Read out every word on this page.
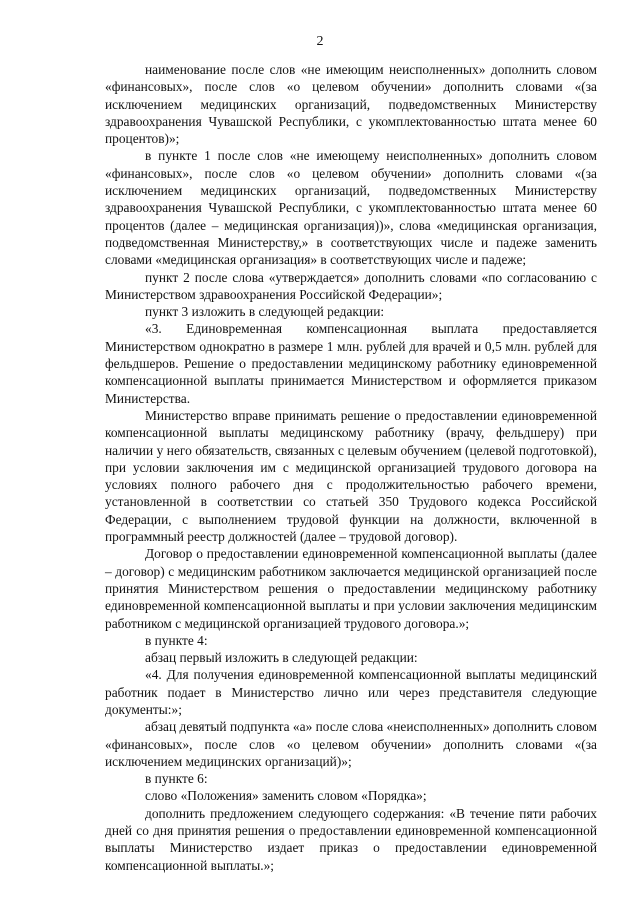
2

наименование после слов «не имеющим неисполненных» дополнить словом «финансовых», после слов «о целевом обучении» дополнить словами «(за исключением медицинских организаций, подведомственных Министерству здравоохранения Чувашской Республики, с укомплектованностью штата менее 60 процентов)»;

в пункте 1 после слов «не имеющему неисполненных» дополнить словом «финансовых», после слов «о целевом обучении» дополнить словами «(за исключением медицинских организаций, подведомственных Министерству здравоохранения Чувашской Республики, с укомплектованностью штата менее 60 процентов (далее – медицинская организация))», слова «медицинская организация, подведомственная Министерству,» в соответствующих числе и падеже заменить словами «медицинская организация» в соответствующих числе и падеже;

пункт 2 после слова «утверждается» дополнить словами «по согласованию с Министерством здравоохранения Российской Федерации»;

пункт 3 изложить в следующей редакции:

«3. Единовременная компенсационная выплата предоставляется Министерством однократно в размере 1 млн. рублей для врачей и 0,5 млн. рублей для фельдшеров. Решение о предоставлении медицинскому работнику единовременной компенсационной выплаты принимается Министерством и оформляется приказом Министерства.

Министерство вправе принимать решение о предоставлении единовременной компенсационной выплаты медицинскому работнику (врачу, фельдшеру) при наличии у него обязательств, связанных с целевым обучением (целевой подготовкой), при условии заключения им с медицинской организацией трудового договора на условиях полного рабочего дня с продолжительностью рабочего времени, установленной в соответствии со статьей 350 Трудового кодекса Российской Федерации, с выполнением трудовой функции на должности, включенной в программный реестр должностей (далее – трудовой договор).

Договор о предоставлении единовременной компенсационной выплаты (далее – договор) с медицинским работником заключается медицинской организацией после принятия Министерством решения о предоставлении медицинскому работнику единовременной компенсационной выплаты и при условии заключения медицинским работником с медицинской организацией трудового договора.»;

в пункте 4:

абзац первый изложить в следующей редакции:

«4. Для получения единовременной компенсационной выплаты медицинский работник подает в Министерство лично или через представителя следующие документы:»;

абзац девятый подпункта «а» после слова «неисполненных» дополнить словом «финансовых», после слов «о целевом обучении» дополнить словами «(за исключением медицинских организаций)»;

в пункте 6:

слово «Положения» заменить словом «Порядка»;

дополнить предложением следующего содержания: «В течение пяти рабочих дней со дня принятия решения о предоставлении единовременной компенсационной выплаты Министерство издает приказ о предоставлении единовременной компенсационной выплаты.»;
